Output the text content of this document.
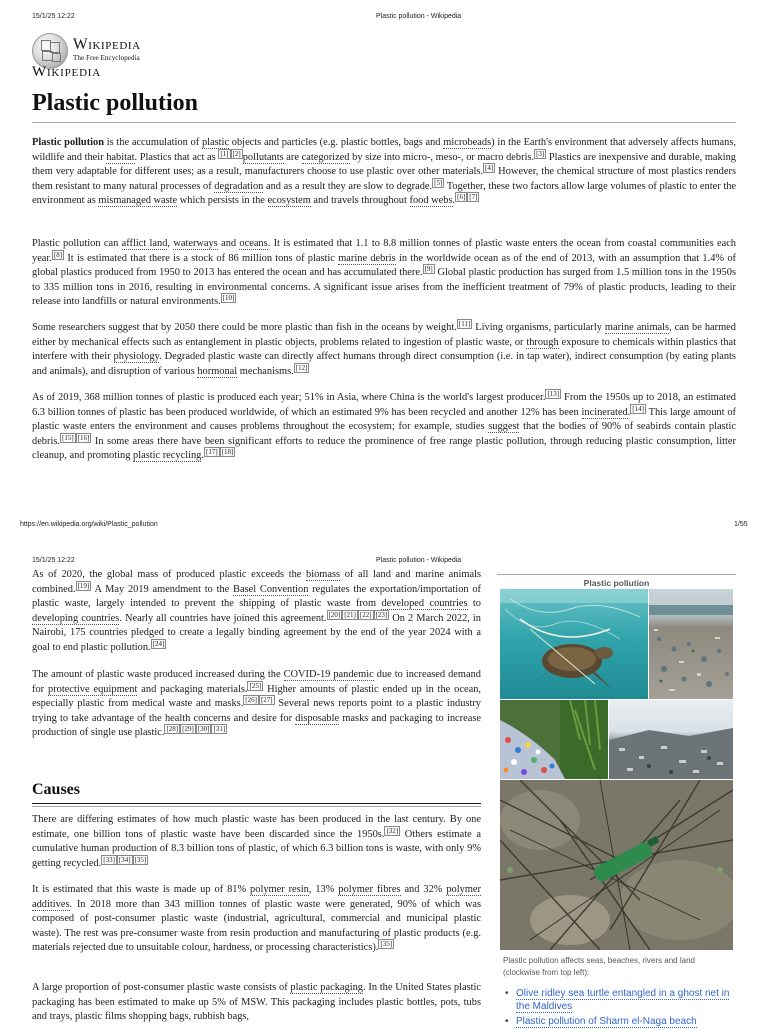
15/1/25 12:22	Plastic pollution - Wikipedia
Wikipedia
The Free Encyclopedia
Wikipedia
Plastic pollution

Plastic pollution is the accumulation of plastic objects and particles (e.g. plastic bottles, bags and microbeads) in the Earth's environment that adversely affects humans, wildlife and their habitat. Plastics that act as [1] [2] pollutants are categorized by size into micro-, meso-, or macro debris. [3] Plastics are inexpensive and durable, making them very adaptable for different uses; as a result, manufacturers choose to use plastic over other materials. [4] However, the chemical structure of most plastics renders them resistant to many natural processes of degradation and as a result they are slow to degrade. [5] Together, these two factors allow large volumes of plastic to enter the environment as mismanaged waste which persists in the ecosystem and travels throughout food webs. [6] [7]

Plastic pollution can afflict land, waterways and oceans. It is estimated that 1.1 to 8.8 million tonnes of plastic waste enters the ocean from coastal communities each year. [8] It is estimated that there is a stock of 86 million tons of plastic marine debris in the worldwide ocean as of the end of 2013, with an assumption that 1.4% of global plastics produced from 1950 to 2013 has entered the ocean and has accumulated there. [9] Global plastic production has surged from 1.5 million tons in the 1950s to 335 million tons in 2016, resulting in environmental concerns. A significant issue arises from the inefficient treatment of 79% of plastic products, leading to their release into landfills or natural environments. [10]

Some researchers suggest that by 2050 there could be more plastic than fish in the oceans by weight. [11] Living organisms, particularly marine animals, can be harmed either by mechanical effects such as entanglement in plastic objects, problems related to ingestion of plastic waste, or through exposure to chemicals within plastics that interfere with their physiology. Degraded plastic waste can directly affect humans through direct consumption (i.e. in tap water), indirect consumption (by eating plants and animals), and disruption of various hormonal mechanisms. [12]

As of 2019, 368 million tonnes of plastic is produced each year; 51% in Asia, where China is the world's largest producer. [13] From the 1950s up to 2018, an estimated 6.3 billion tonnes of plastic has been produced worldwide, of which an estimated 9% has been recycled and another 12% has been incinerated. [14] This large amount of plastic waste enters the environment and causes problems throughout the ecosystem; for example, studies suggest that the bodies of 90% of seabirds contain plastic debris. [15] [16] In some areas there have been significant efforts to reduce the prominence of free range plastic pollution, through reducing plastic consumption, litter cleanup, and promoting plastic recycling. [17] [18]

https://en.wikipedia.org/wiki/Plastic_pollution	1/55
15/1/25 12:22	Plastic pollution - Wikipedia

As of 2020, the global mass of produced plastic exceeds the biomass of all land and marine animals combined. [19] A May 2019 amendment to the Basel Convention regulates the exportation/importation of plastic waste, largely intended to prevent the shipping of plastic waste from developed countries to developing countries. Nearly all countries have joined this agreement. [20] [21] [22] [23] On 2 March 2022, in Nairobi, 175 countries pledged to create a legally binding agreement by the end of the year 2024 with a goal to end plastic pollution. [24]

The amount of plastic waste produced increased during the COVID-19 pandemic due to increased demand for protective equipment and packaging materials. [25] Higher amounts of plastic ended up in the ocean, especially plastic from medical waste and masks. [26] [27] Several news reports point to a plastic industry trying to take advantage of the health concerns and desire for disposable masks and packaging to increase production of single use plastic. [28] [29] [30] [31]

Causes

There are differing estimates of how much plastic waste has been produced in the last century. By one estimate, one billion tons of plastic waste have been discarded since the 1950s. [32] Others estimate a cumulative human production of 8.3 billion tons of plastic, of which 6.3 billion tons is waste, with only 9% getting recycled. [33] [34] [35]

It is estimated that this waste is made up of 81% polymer resin, 13% polymer fibres and 32% polymer additives. In 2018 more than 343 million tonnes of plastic waste were generated, 90% of which was composed of post-consumer plastic waste (industrial, agricultural, commercial and municipal plastic waste). The rest was pre-consumer waste from resin production and manufacturing of plastic products (e.g. materials rejected due to unsuitable colour, hardness, or processing characteristics). [35]

A large proportion of post-consumer plastic waste consists of plastic packaging. In the United States plastic packaging has been estimated to make up 5% of MSW. This packaging includes plastic bottles, pots, tubs and trays, plastic films shopping bags, rubbish bags,

Plastic pollution
Plastic pollution affects seas, beaches, rivers and land (clockwise from top left):
• Olive ridley sea turtle entangled in a ghost net in the Maldives
• Plastic pollution of Sharm el-Naga beach
